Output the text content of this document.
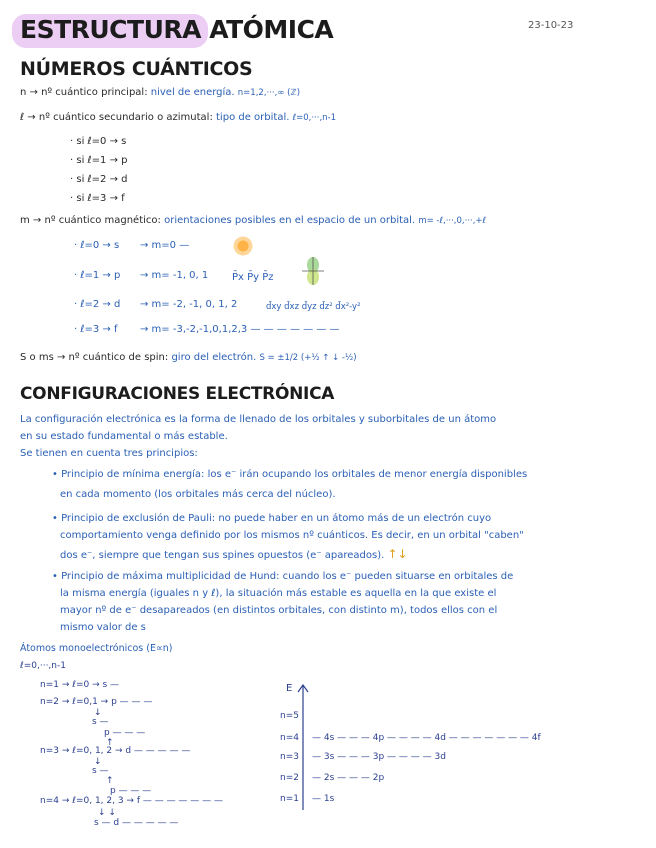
ESTRUCTURA ATÓMICA	23-10-23
NÚMEROS CUÁNTICOS
n → nº cuántico principal: nivel de energía. n=1,2,···,∞ (ℤ)
ℓ → nº cuántico secundario o azimutal: tipo de orbital. ℓ=0,···,n-1
· si ℓ=0 → s
· si ℓ=1 → p
· si ℓ=2 → d
· si ℓ=3 → f
m → nº cuántico magnético: orientaciones posibles en el espacio de un orbital. m= -ℓ,···,0,···,+ℓ
· ℓ=0 → s → m=0 —
· ℓ=1 → p → m= -1, 0, 1 P̄x P̄y P̄z
· ℓ=2 → d → m= -2, -1, 0, 1, 2	d̄xy d̄xz d̄yz d̄z² d̄x²-y²
· ℓ=3 → f → m= -3,-2,-1,0,1,2,3 — — — — — — —
S o ms → nº cuántico de spin: giro del electrón. S = ±1/2 (+½ ↑ ↓ -½)
CONFIGURACIONES ELECTRÓNICA
La configuración electrónica es la forma de llenado de los orbitales y suborbitales de un átomo
en su estado fundamental o más estable.
Se tienen en cuenta tres principios:
• Principio de mínima energía: los e⁻ irán ocupando los orbitales de menor energía disponibles
en cada momento (los orbitales más cerca del núcleo).
• Principio de exclusión de Pauli: no puede haber en un átomo más de un electrón cuyo
comportamiento venga definido por los mismos nº cuánticos. Es decir, en un orbital "caben"
dos e⁻, siempre que tengan sus spines opuestos (e⁻ apareados). ↑↓
• Principio de máxima multiplicidad de Hund: cuando los e⁻ pueden situarse en orbitales de
la misma energía (iguales n y ℓ), la situación más estable es aquella en la que existe el
mayor nº de e⁻ desapareados (en distintos orbitales, con distinto m), todos ellos con el
mismo valor de s
Átomos monoelectrónicos (E∝n)
ℓ=0,···,n-1
n=1 → ℓ=0 → s —
n=2 → ℓ=0,1 → p — — —
↓
s —
p — — —
↑
n=3 → ℓ=0, 1, 2 → d — — — — —
↓
s —
↑
p — — —
n=4 → ℓ=0, 1, 2, 3 → f — — — — — — —
↓ ↓
s — d — — — — —
E
n=5
n=4 — 4s — — — 4p — — — — 4d — — — — — — — 4f
n=3 — 3s — — — 3p — — — — 3d
n=2 — 2s — — — 2p
n=1 — 1s
